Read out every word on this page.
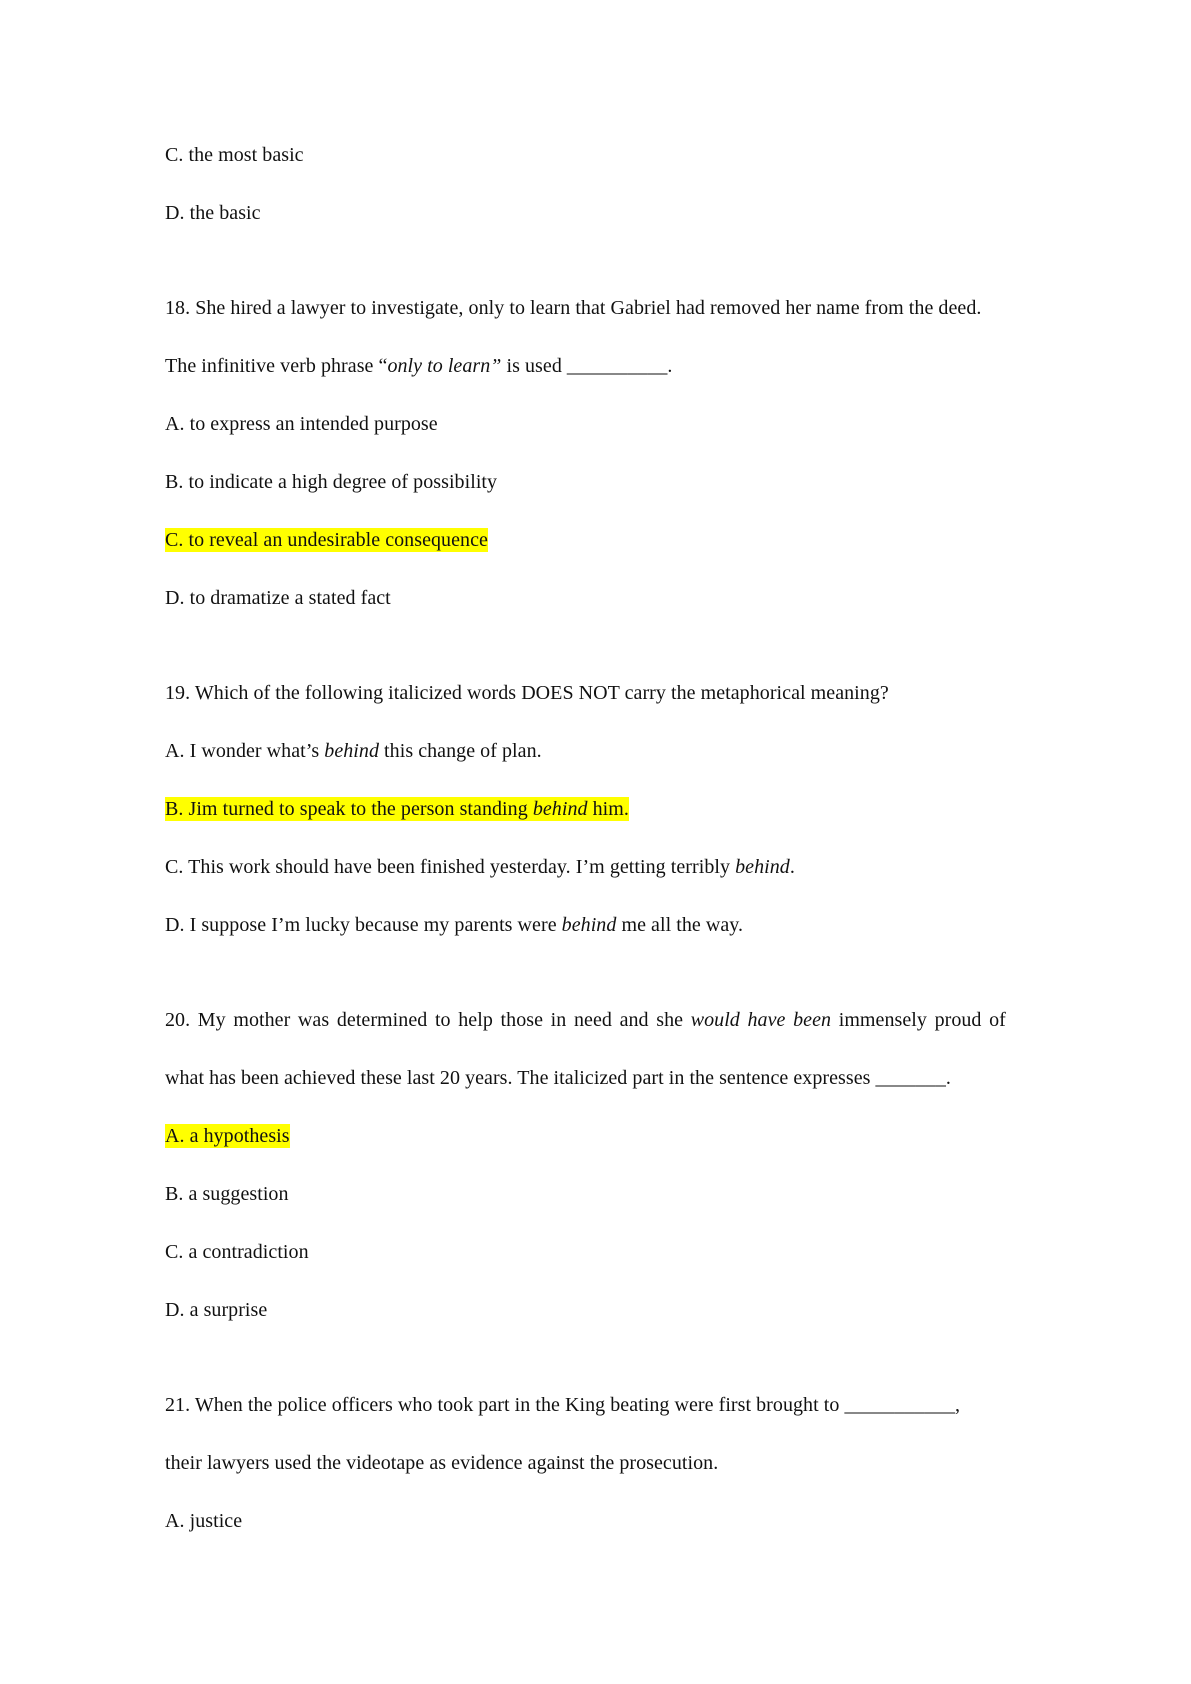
C. the most basic
D. the basic
18. She hired a lawyer to investigate, only to learn that Gabriel had removed her name from the deed.
The infinitive verb phrase “only to learn” is used __________.
A. to express an intended purpose
B. to indicate a high degree of possibility
C. to reveal an undesirable consequence
D. to dramatize a stated fact
19. Which of the following italicized words DOES NOT carry the metaphorical meaning?
A. I wonder what’s behind this change of plan.
B. Jim turned to speak to the person standing behind him.
C. This work should have been finished yesterday. I’m getting terribly behind.
D. I suppose I’m lucky because my parents were behind me all the way.
20. My mother was determined to help those in need and she would have been immensely proud of
what has been achieved these last 20 years. The italicized part in the sentence expresses _______.
A. a hypothesis
B. a suggestion
C. a contradiction
D. a surprise
21. When the police officers who took part in the King beating were first brought to ___________,
their lawyers used the videotape as evidence against the prosecution.
A. justice
